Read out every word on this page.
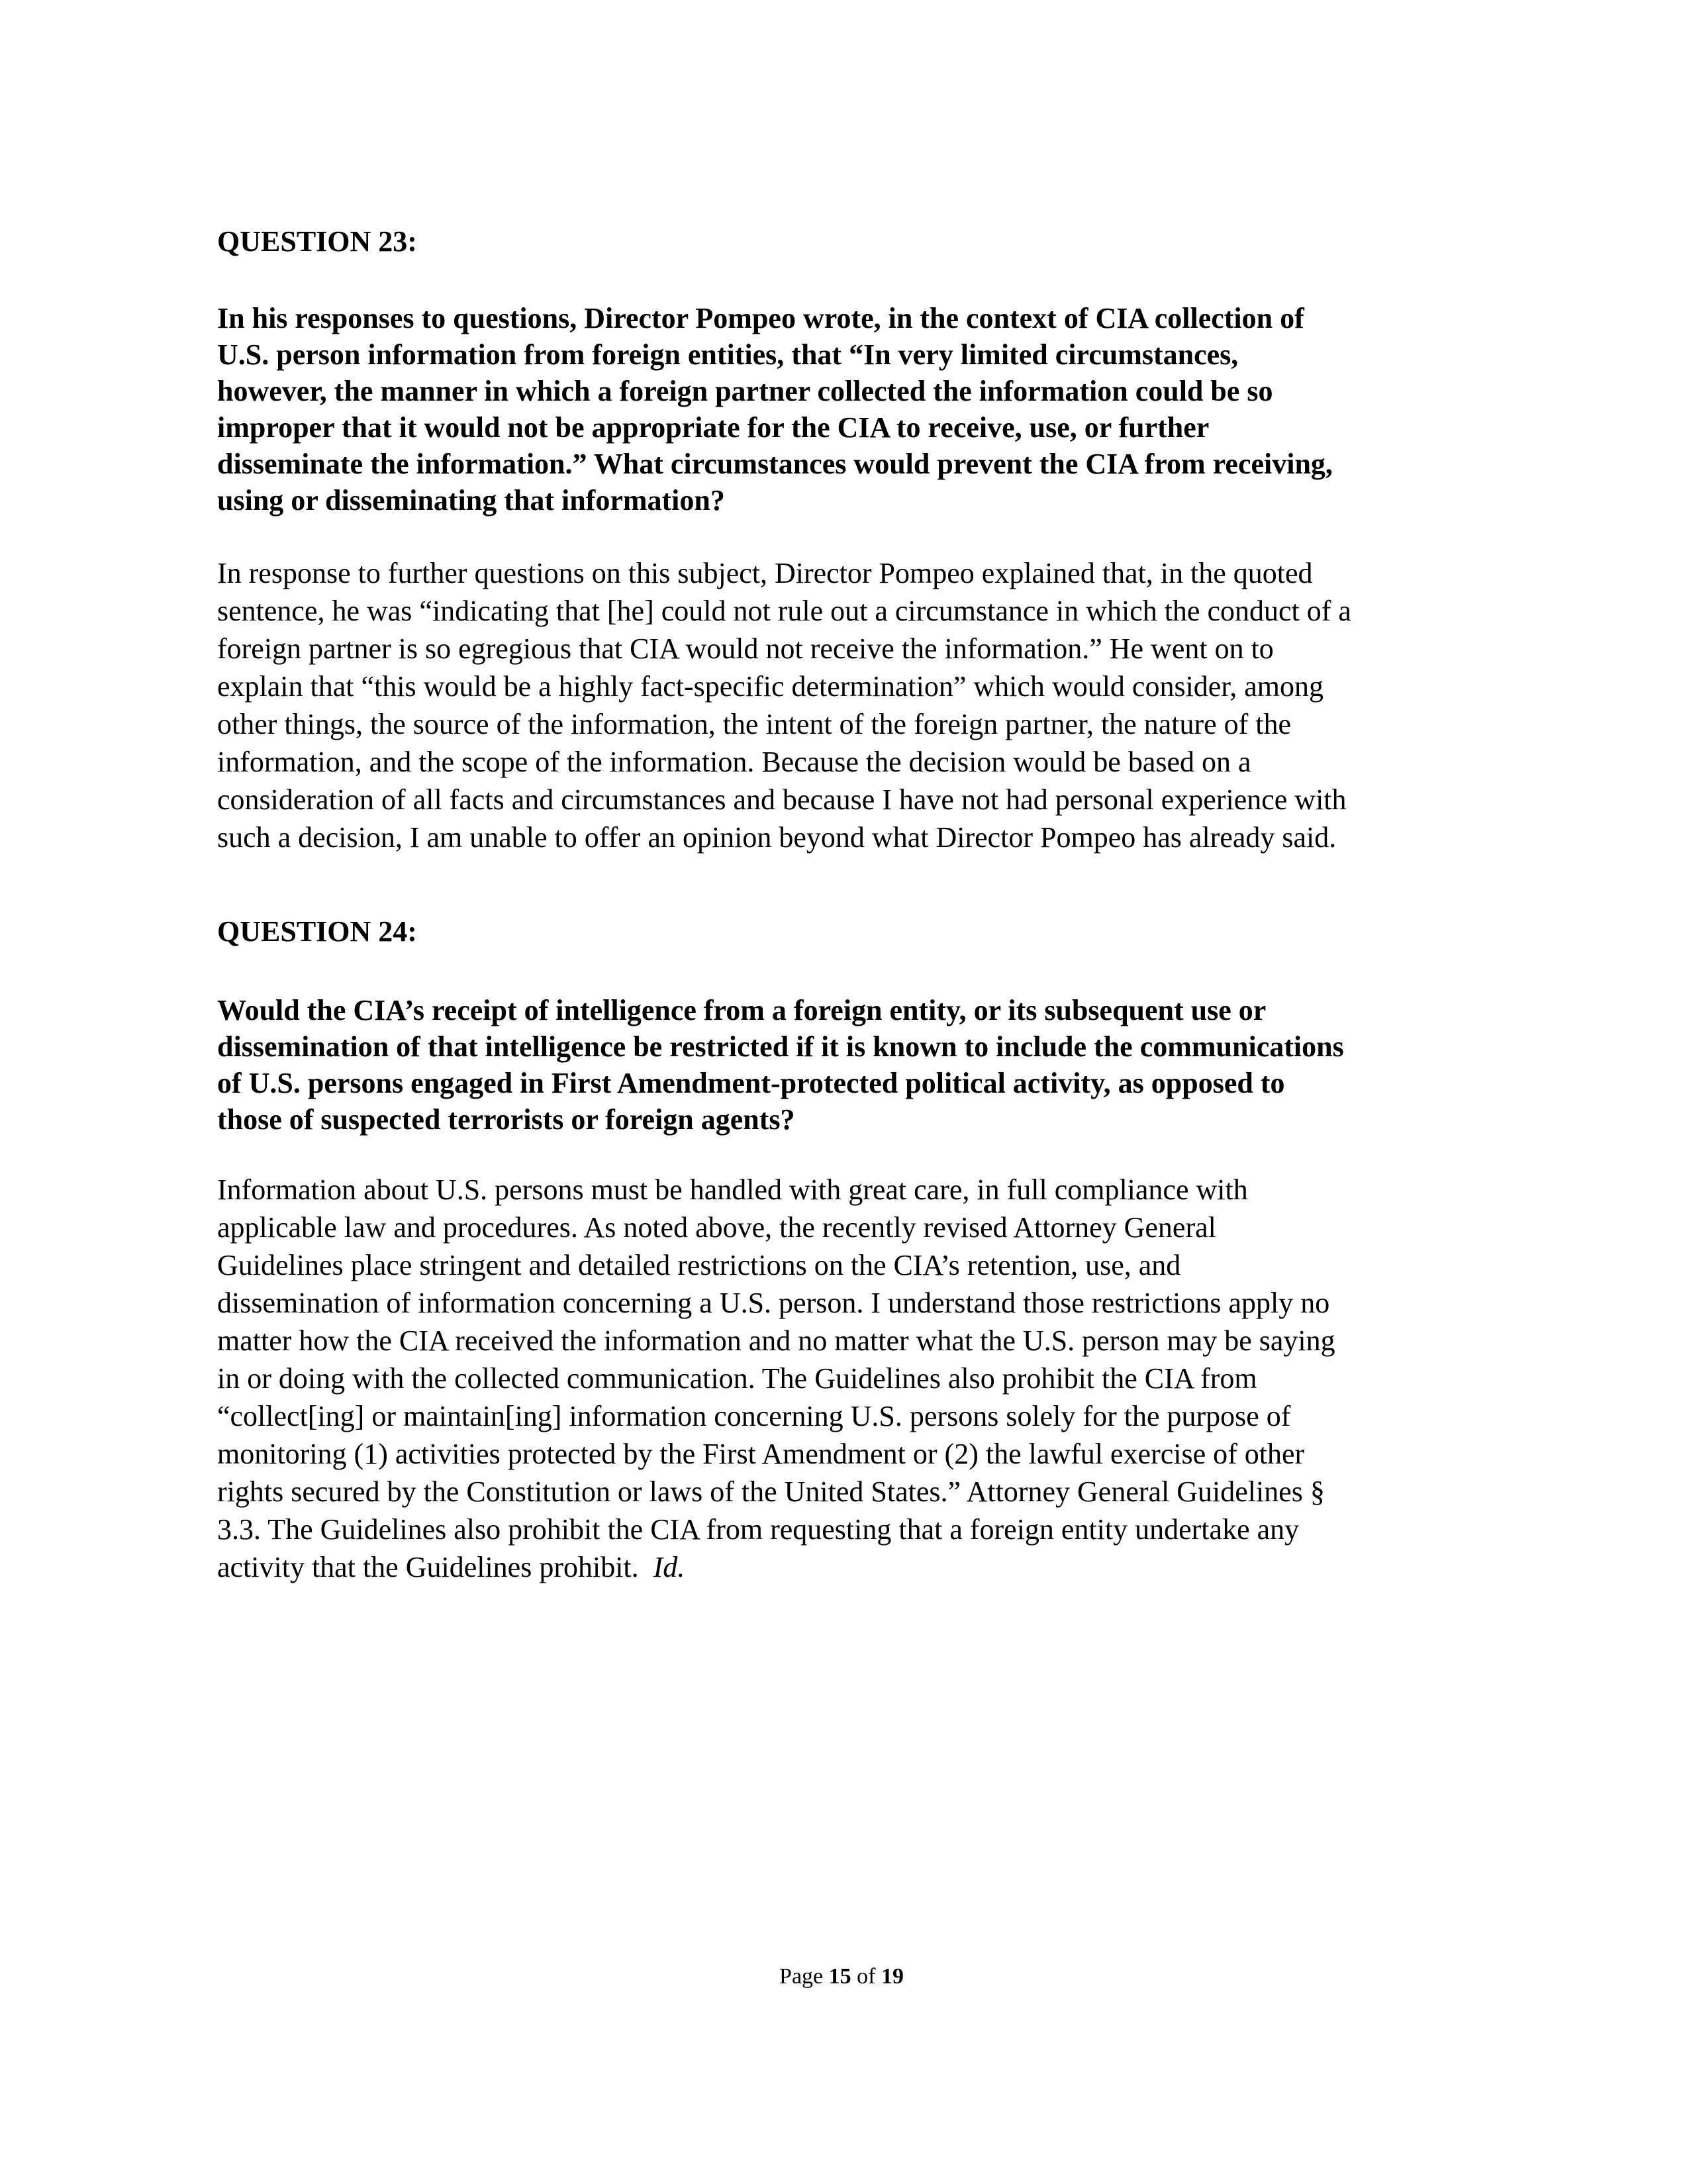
QUESTION 23:
In his responses to questions, Director Pompeo wrote, in the context of CIA collection of
U.S. person information from foreign entities, that “In very limited circumstances,
however, the manner in which a foreign partner collected the information could be so
improper that it would not be appropriate for the CIA to receive, use, or further
disseminate the information.” What circumstances would prevent the CIA from receiving,
using or disseminating that information?
In response to further questions on this subject, Director Pompeo explained that, in the quoted
sentence, he was “indicating that [he] could not rule out a circumstance in which the conduct of a
foreign partner is so egregious that CIA would not receive the information.” He went on to
explain that “this would be a highly fact-specific determination” which would consider, among
other things, the source of the information, the intent of the foreign partner, the nature of the
information, and the scope of the information. Because the decision would be based on a
consideration of all facts and circumstances and because I have not had personal experience with
such a decision, I am unable to offer an opinion beyond what Director Pompeo has already said.
QUESTION 24:
Would the CIA’s receipt of intelligence from a foreign entity, or its subsequent use or
dissemination of that intelligence be restricted if it is known to include the communications
of U.S. persons engaged in First Amendment-protected political activity, as opposed to
those of suspected terrorists or foreign agents?
Information about U.S. persons must be handled with great care, in full compliance with
applicable law and procedures. As noted above, the recently revised Attorney General
Guidelines place stringent and detailed restrictions on the CIA’s retention, use, and
dissemination of information concerning a U.S. person. I understand those restrictions apply no
matter how the CIA received the information and no matter what the U.S. person may be saying
in or doing with the collected communication. The Guidelines also prohibit the CIA from
“collect[ing] or maintain[ing] information concerning U.S. persons solely for the purpose of
monitoring (1) activities protected by the First Amendment or (2) the lawful exercise of other
rights secured by the Constitution or laws of the United States.” Attorney General Guidelines §
3.3. The Guidelines also prohibit the CIA from requesting that a foreign entity undertake any
activity that the Guidelines prohibit.  Id.
Page 15 of 19
